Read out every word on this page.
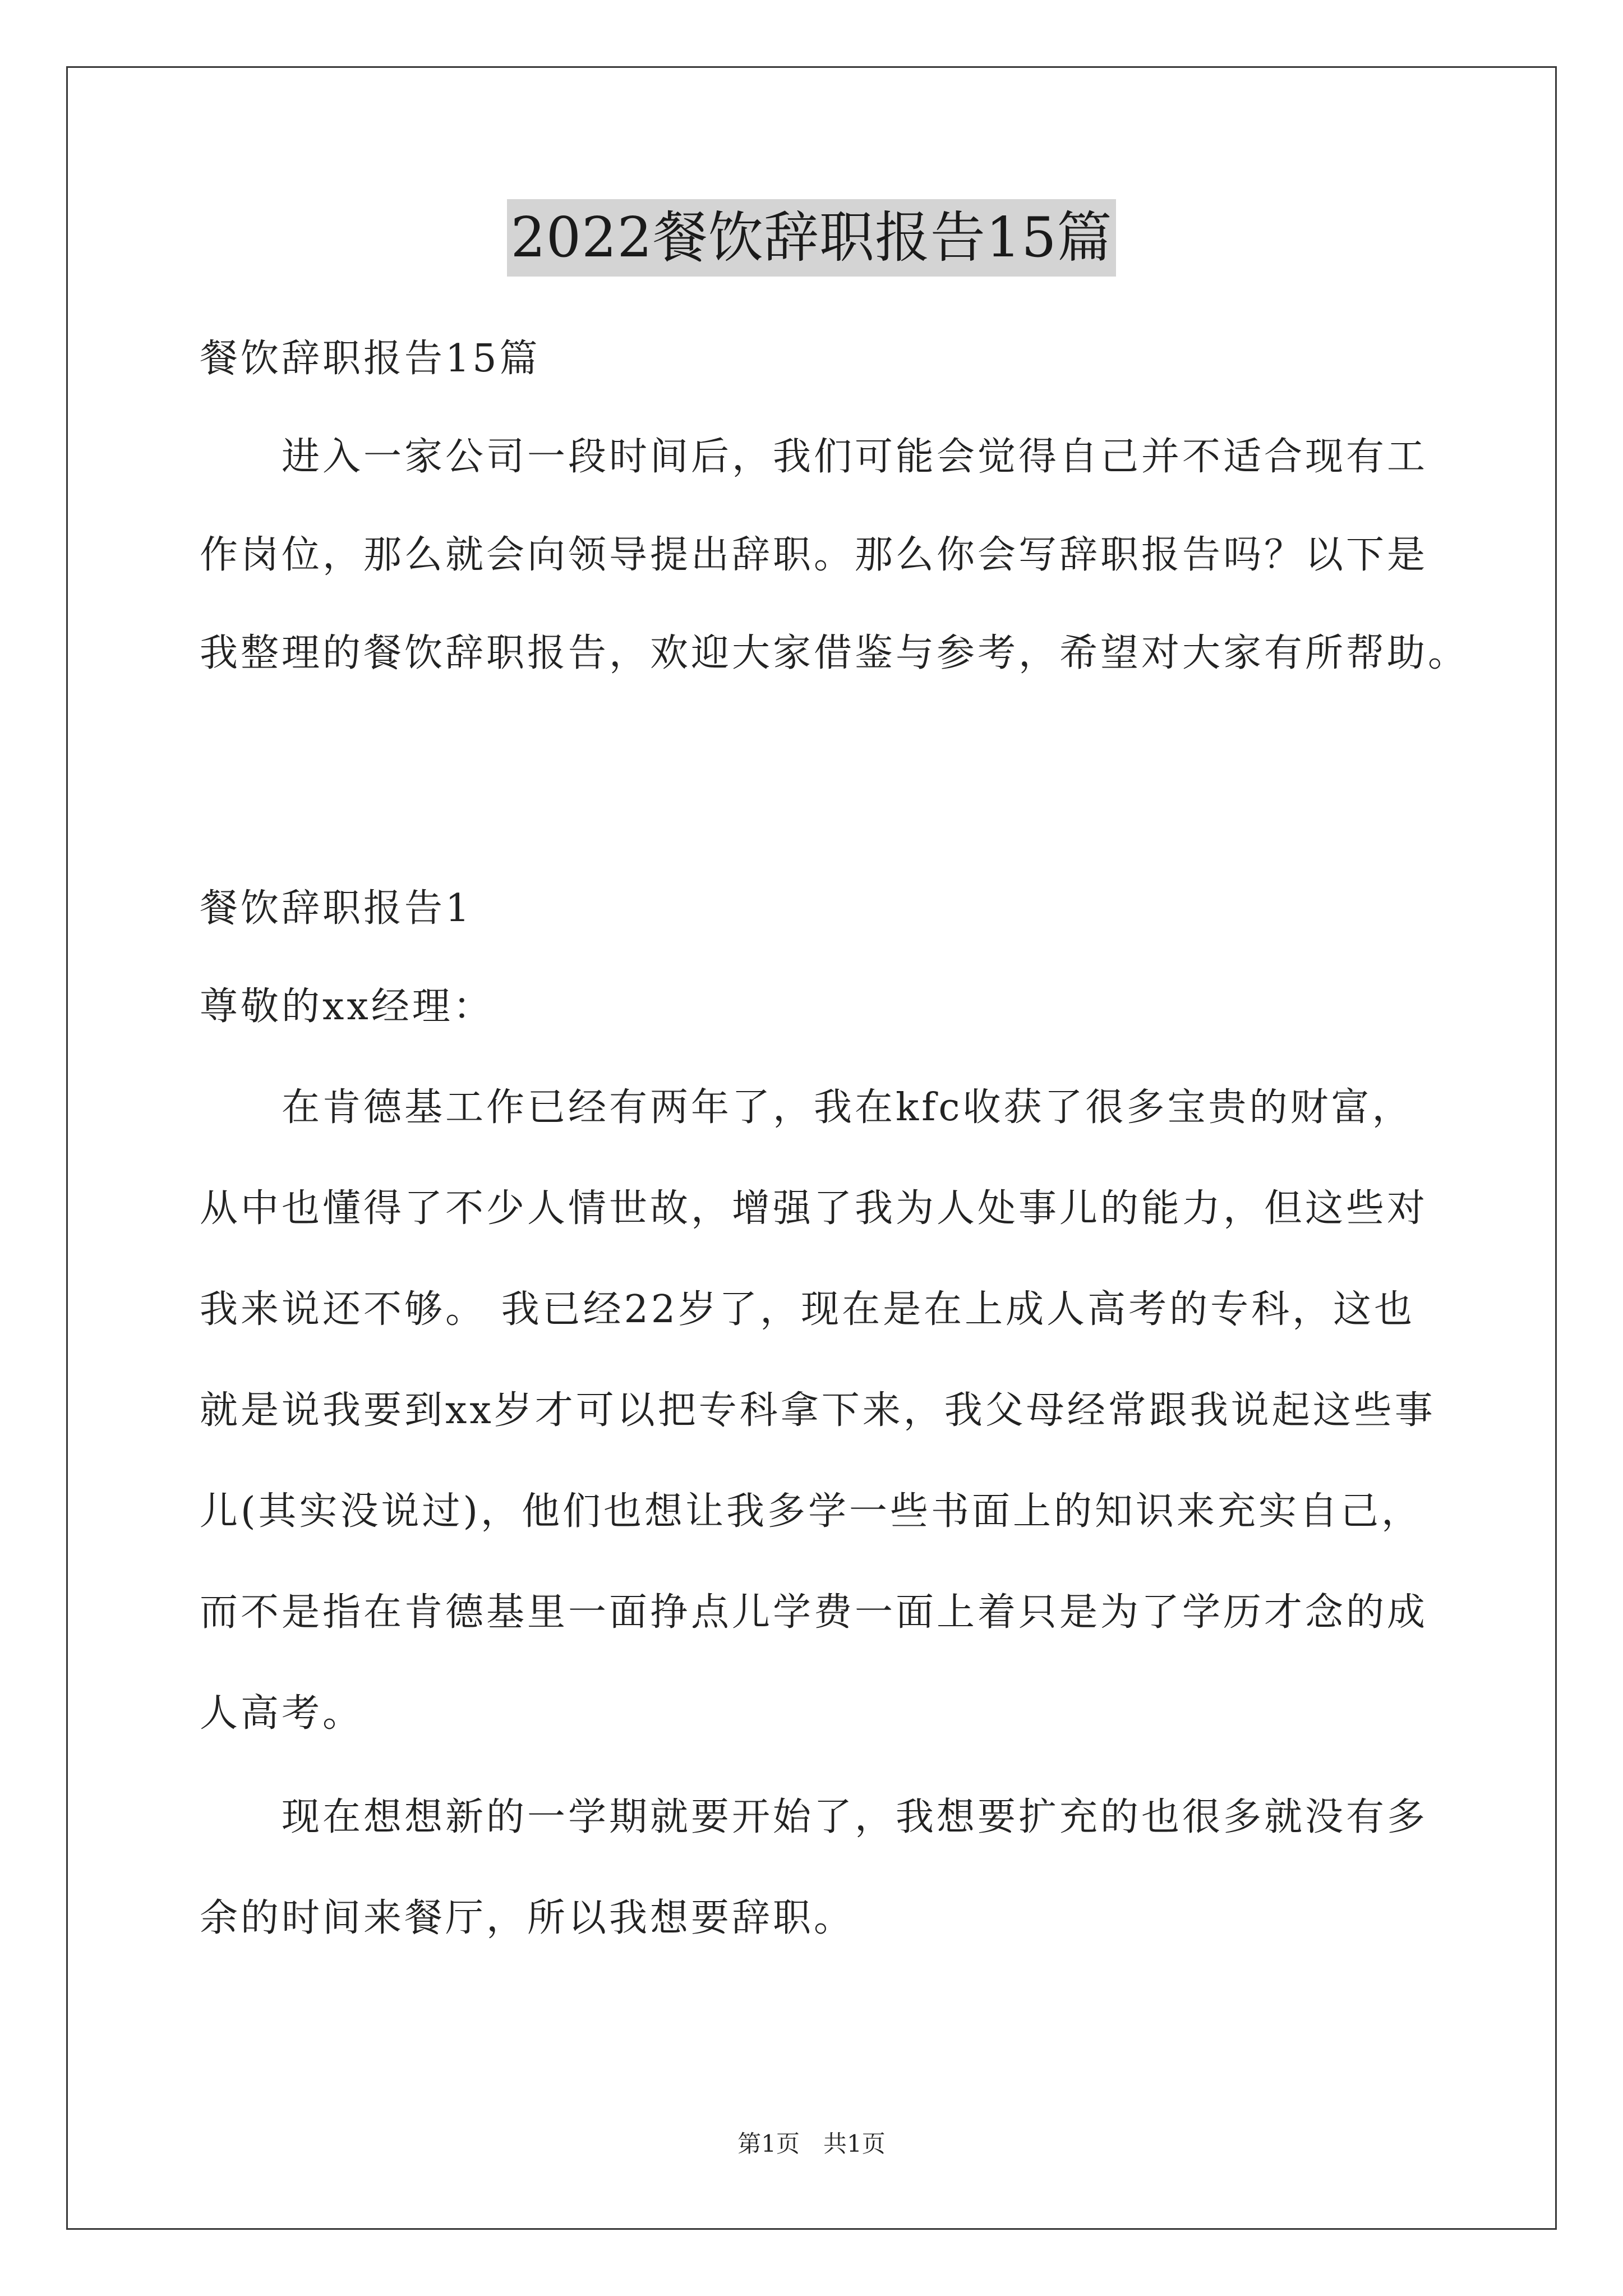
2022餐饮辞职报告15篇

餐饮辞职报告15篇

　　进入一家公司一段时间后，我们可能会觉得自己并不适合现有工

作岗位，那么就会向领导提出辞职。那么你会写辞职报告吗？以下是

我整理的餐饮辞职报告，欢迎大家借鉴与参考，希望对大家有所帮助。

餐饮辞职报告1

尊敬的xx经理：

　　在肯德基工作已经有两年了，我在kfc收获了很多宝贵的财富，

从中也懂得了不少人情世故，增强了我为人处事儿的能力，但这些对

我来说还不够。 我已经22岁了，现在是在上成人高考的专科，这也

就是说我要到xx岁才可以把专科拿下来，我父母经常跟我说起这些事

儿(其实没说过)，他们也想让我多学一些书面上的知识来充实自己，

而不是指在肯德基里一面挣点儿学费一面上着只是为了学历才念的成

人高考。

　　现在想想新的一学期就要开始了，我想要扩充的也很多就没有多

余的时间来餐厅，所以我想要辞职。

第1页　共1页
